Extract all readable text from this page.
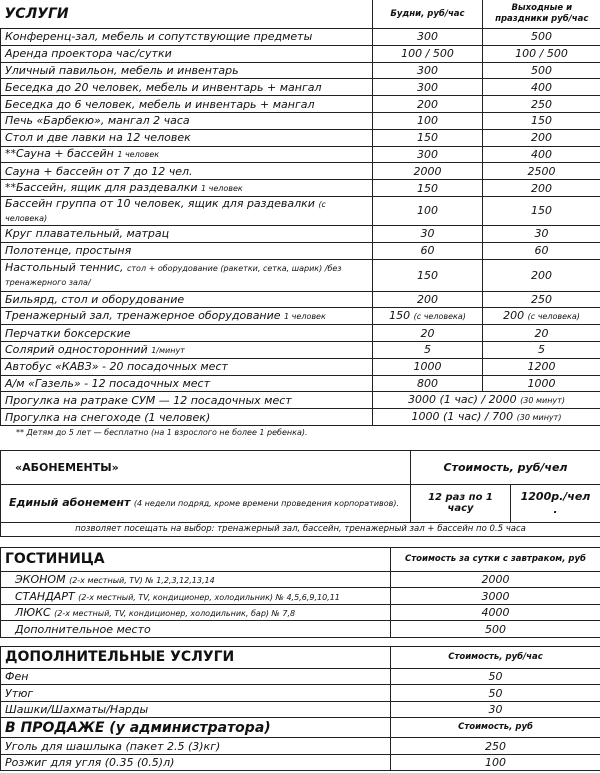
УСЛУГИ	Будни, руб/час	Выходные и праздники руб/час
Конференц-зал, мебель и сопутствующие предметы	300	500
Аренда проектора час/сутки	100 / 500	100 / 500
Уличный павильон, мебель и инвентарь	300	500
Беседка до 20 человек, мебель и инвентарь + мангал	300	400
Беседка до 6 человек, мебель и инвентарь + мангал	200	250
Печь «Барбекю», мангал 2 часа	100	150
Стол и две лавки на 12 человек	150	200
**Сауна + бассейн 1 человек	300	400
Сауна + бассейн от 7 до 12 чел.	2000	2500
**Бассейн, ящик для раздевалки 1 человек	150	200
Бассейн группа от 10 человек, ящик для раздевалки (с человека)	100	150
Круг плавательный, матрац	30	30
Полотенце, простыня	60	60
Настольный теннис, стол + оборудование (ракетки, сетка, шарик) /без тренажерного зала/	150	200
Бильярд, стол и оборудование	200	250
Тренажерный зал, тренажерное оборудование 1 человек	150 (с человека)	200 (с человека)
Перчатки боксерские	20	20
Солярий односторонний 1/минут	5	5
Автобус «КАВЗ» - 20 посадочных мест	1000	1200
А/м «Газель» - 12 посадочных мест	800	1000
Прогулка на ратраке СУМ — 12 посадочных мест	3000 (1 час) / 2000 (30 минут)	
Прогулка на снегоходе (1 человек)	1000 (1 час) / 700 (30 минут)	
** Детям до 5 лет — бесплатно (на 1 взрослого не более 1 ребенка).
«АБОНЕМЕНТЫ»	Стоимость, руб/чел	
Единый абонемент (4 недели подряд, кроме времени проведения корпоративов).	12 раз по 1 часу	1200р./чел
.
позволяет посещать на выбор: тренажерный зал, бассейн, тренажерный зал + бассейн по 0.5 часа		
ГОСТИНИЦА	Стоимость за сутки с завтраком, руб
ЭКОНОМ (2-х местный, TV) № 1,2,3,12,13,14	2000
СТАНДАРТ (2-х местный, TV, кондиционер, холодильник) № 4,5,6,9,10,11	3000
ЛЮКС (2-х местный, TV, кондиционер, холодильник, бар) № 7,8	4000
Дополнительное место	500
ДОПОЛНИТЕЛЬНЫЕ УСЛУГИ	Стоимость, руб/час
Фен	50
Утюг	50
Шашки/Шахматы/Нарды	30
В ПРОДАЖЕ (у администратора)	Стоимость, руб
Уголь для шашлыка (пакет 2.5 (3)кг)	250
Розжиг для угля (0.35 (0.5)л)	100
